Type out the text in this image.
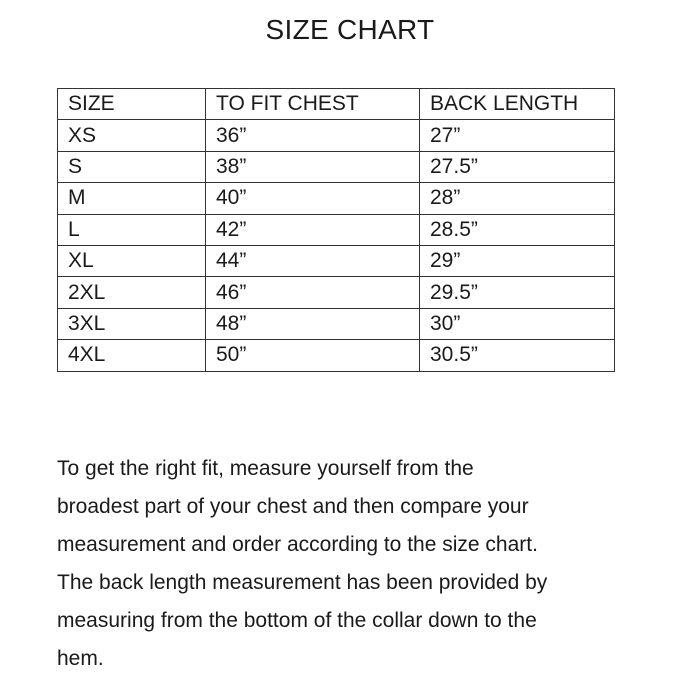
SIZE CHART
SIZE	TO FIT CHEST	BACK LENGTH
XS	36”	27”
S	38”	27.5”
M	40”	28”
L	42”	28.5”
XL	44”	29”
2XL	46”	29.5”
3XL	48”	30”
4XL	50”	30.5”
To get the right fit, measure yourself from the
broadest part of your chest and then compare your
measurement and order according to the size chart.
The back length measurement has been provided by
measuring from the bottom of the collar down to the
hem.
